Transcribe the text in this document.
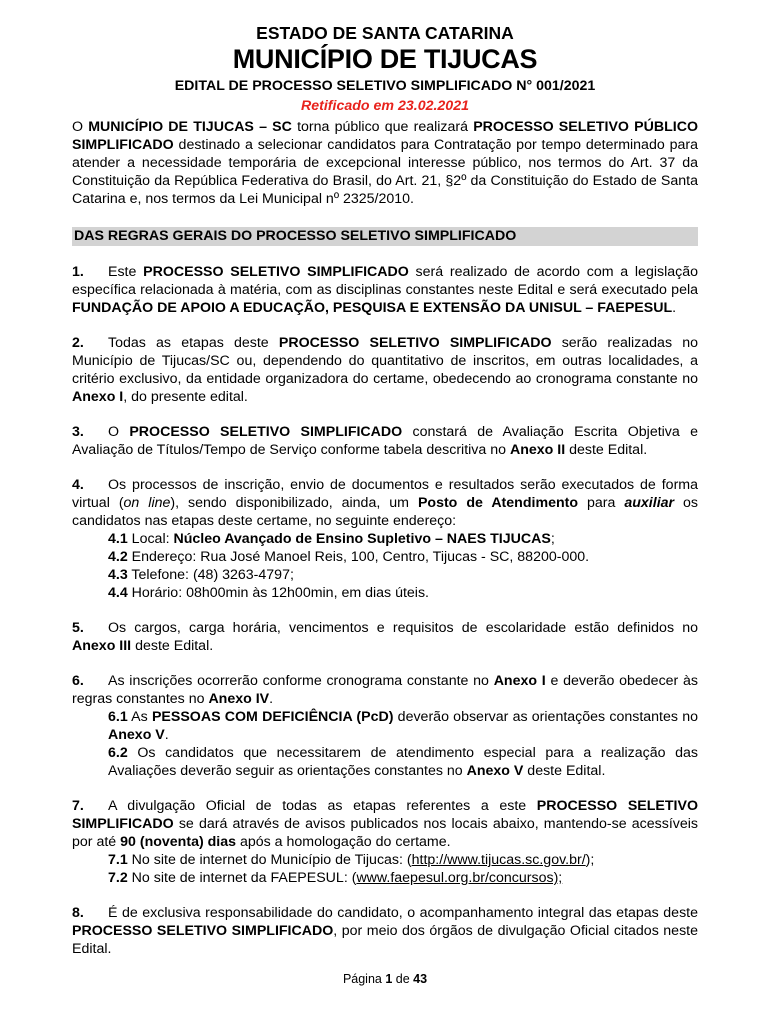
ESTADO DE SANTA CATARINA
MUNICÍPIO DE TIJUCAS
EDITAL DE PROCESSO SELETIVO SIMPLIFICADO N° 001/2021
Retificado em 23.02.2021

O MUNICÍPIO DE TIJUCAS – SC torna público que realizará PROCESSO SELETIVO PÚBLICO SIMPLIFICADO destinado a selecionar candidatos para Contratação por tempo determinado para atender a necessidade temporária de excepcional interesse público, nos termos do Art. 37 da Constituição da República Federativa do Brasil, do Art. 21, §2º da Constituição do Estado de Santa Catarina e, nos termos da Lei Municipal nº 2325/2010.

DAS REGRAS GERAIS DO PROCESSO SELETIVO SIMPLIFICADO

1. Este PROCESSO SELETIVO SIMPLIFICADO será realizado de acordo com a legislação específica relacionada à matéria, com as disciplinas constantes neste Edital e será executado pela FUNDAÇÃO DE APOIO A EDUCAÇÃO, PESQUISA E EXTENSÃO DA UNISUL – FAEPESUL.

2. Todas as etapas deste PROCESSO SELETIVO SIMPLIFICADO serão realizadas no Município de Tijucas/SC ou, dependendo do quantitativo de inscritos, em outras localidades, a critério exclusivo, da entidade organizadora do certame, obedecendo ao cronograma constante no Anexo I, do presente edital.

3. O PROCESSO SELETIVO SIMPLIFICADO constará de Avaliação Escrita Objetiva e Avaliação de Títulos/Tempo de Serviço conforme tabela descritiva no Anexo II deste Edital.

4. Os processos de inscrição, envio de documentos e resultados serão executados de forma virtual (on line), sendo disponibilizado, ainda, um Posto de Atendimento para auxiliar os candidatos nas etapas deste certame, no seguinte endereço:

4.1 Local: Núcleo Avançado de Ensino Supletivo – NAES TIJUCAS;
4.2 Endereço: Rua José Manoel Reis, 100, Centro, Tijucas - SC, 88200-000.
4.3 Telefone: (48) 3263-4797;
4.4 Horário: 08h00min às 12h00min, em dias úteis.

5. Os cargos, carga horária, vencimentos e requisitos de escolaridade estão definidos no Anexo III deste Edital.

6. As inscrições ocorrerão conforme cronograma constante no Anexo I e deverão obedecer às regras constantes no Anexo IV.

6.1 As PESSOAS COM DEFICIÊNCIA (PcD) deverão observar as orientações constantes no Anexo V.
6.2 Os candidatos que necessitarem de atendimento especial para a realização das Avaliações deverão seguir as orientações constantes no Anexo V deste Edital.

7. A divulgação Oficial de todas as etapas referentes a este PROCESSO SELETIVO SIMPLIFICADO se dará através de avisos publicados nos locais abaixo, mantendo-se acessíveis por até 90 (noventa) dias após a homologação do certame.

7.1 No site de internet do Município de Tijucas: (http://www.tijucas.sc.gov.br/);
7.2 No site de internet da FAEPESUL: (www.faepesul.org.br/concursos);

8. É de exclusiva responsabilidade do candidato, o acompanhamento integral das etapas deste PROCESSO SELETIVO SIMPLIFICADO, por meio dos órgãos de divulgação Oficial citados neste Edital.

Página 1 de 43
